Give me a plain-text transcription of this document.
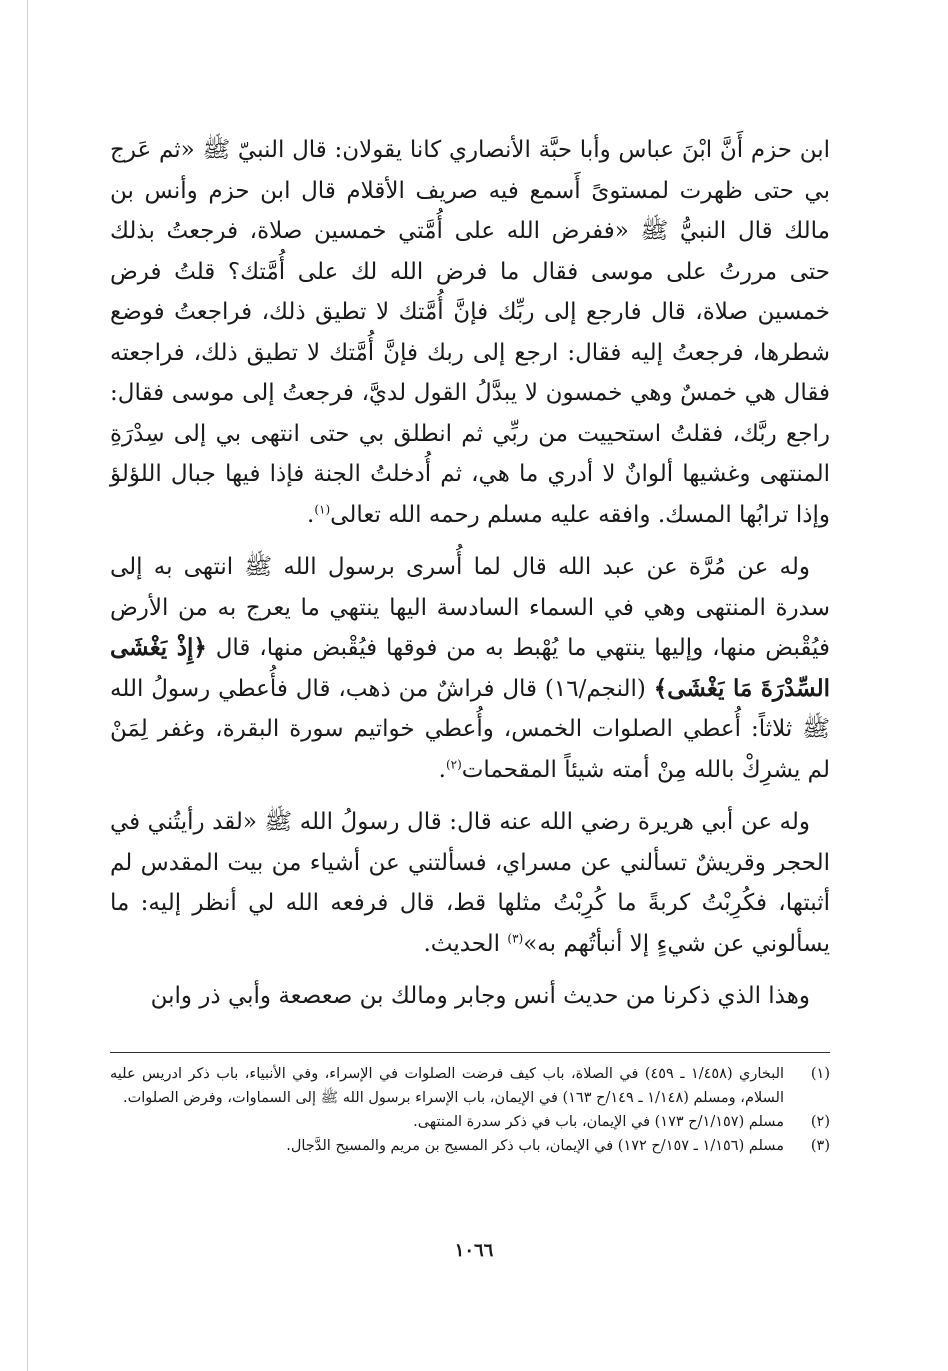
ابن حزم أَنَّ ابْنَ عباس وأبا حبَّة الأنصاري كانا يقولان: قال النبيّ ﷺ «ثم عَرج بي حتى ظهرت لمستوىً أَسمع فيه صريف الأقلام قال ابن حزم وأنس بن مالك قال النبيُّ ﷺ «ففرض الله على أُمَّتي خمسين صلاة، فرجعتُ بذلك حتى مررتُ على موسى فقال ما فرض الله لك على أُمَّتك؟ قلتُ فرض خمسين صلاة، قال فارجع إلى ربِّك فإنَّ أُمَّتك لا تطيق ذلك، فراجعتُ فوضع شطرها، فرجعتُ إليه فقال: ارجع إلى ربك فإنَّ أُمَّتك لا تطيق ذلك، فراجعته فقال هي خمسٌ وهي خمسون لا يبدَّلُ القول لديَّ، فرجعتُ إلى موسى فقال: راجع ربَّك، فقلتُ استحييت من ربِّي ثم انطلق بي حتى انتهى بي إلى سِدْرَةِ المنتهى وغشيها ألوانٌ لا أدري ما هي، ثم أُدخلتُ الجنة فإذا فيها جبال اللؤلؤ وإذا ترابُها المسك. وافقه عليه مسلم رحمه الله تعالى$^{(١)}$.

وله عن مُرَّة عن عبد الله قال لما أُسرى برسول الله ﷺ انتهى به إلى سدرة المنتهى وهي في السماء السادسة اليها ينتهي ما يعرج به من الأرض فيُقْبض منها، وإليها ينتهي ما يُهْبط به من فوقها فيُقْبض منها، قال ﴿إِذْ يَغْشَى السِّدْرَةَ مَا يَغْشَى﴾ (النجم/١٦) قال فراشٌ من ذهب، قال فأُعطي رسولُ الله ﷺ ثلاثاً: أُعطي الصلوات الخمس، وأُعطي خواتيم سورة البقرة، وغفر لِمَنْ لم يشرِكْ بالله مِنْ أمته شيئاً المقحمات$^{(٢)}$.

وله عن أبي هريرة رضي الله عنه قال: قال رسولُ الله ﷺ «لقد رأيتُني في الحجر وقريشٌ تسألني عن مسراي، فسألتني عن أشياء من بيت المقدس لم أثبتها، فكُرِبْتُ كربةً ما كُرِبْتُ مثلها قط، قال فرفعه الله لي أنظر إليه: ما يسألوني عن شيءٍ إلا أنبأتُهم به»$^{(٣)}$ الحديث.

وهذا الذي ذكرنا من حديث أنس وجابر ومالك بن صعصعة وأبي ذر وابن

(١)
البخاري (١/٤٥٨ ـ ٤٥٩) في الصلاة، باب كيف فرضت الصلوات في الإسراء، وفي الأنبياء، باب ذكر ادريس عليه السلام، ومسلم (١/١٤٨ ـ ١٤٩/ح ١٦٣) في الإيمان، باب الإسراء برسول الله ﷺ إلى السماوات، وفرض الصلوات.
(٢)
مسلم (١/١٥٧/ح ١٧٣) في الإيمان، باب في ذكر سدرة المنتهى.
(٣)
مسلم (١/١٥٦ ـ ١٥٧/ح ١٧٢) في الإيمان، باب ذكر المسيح بن مريم والمسيح الدَّجال.
١٠٦٦
